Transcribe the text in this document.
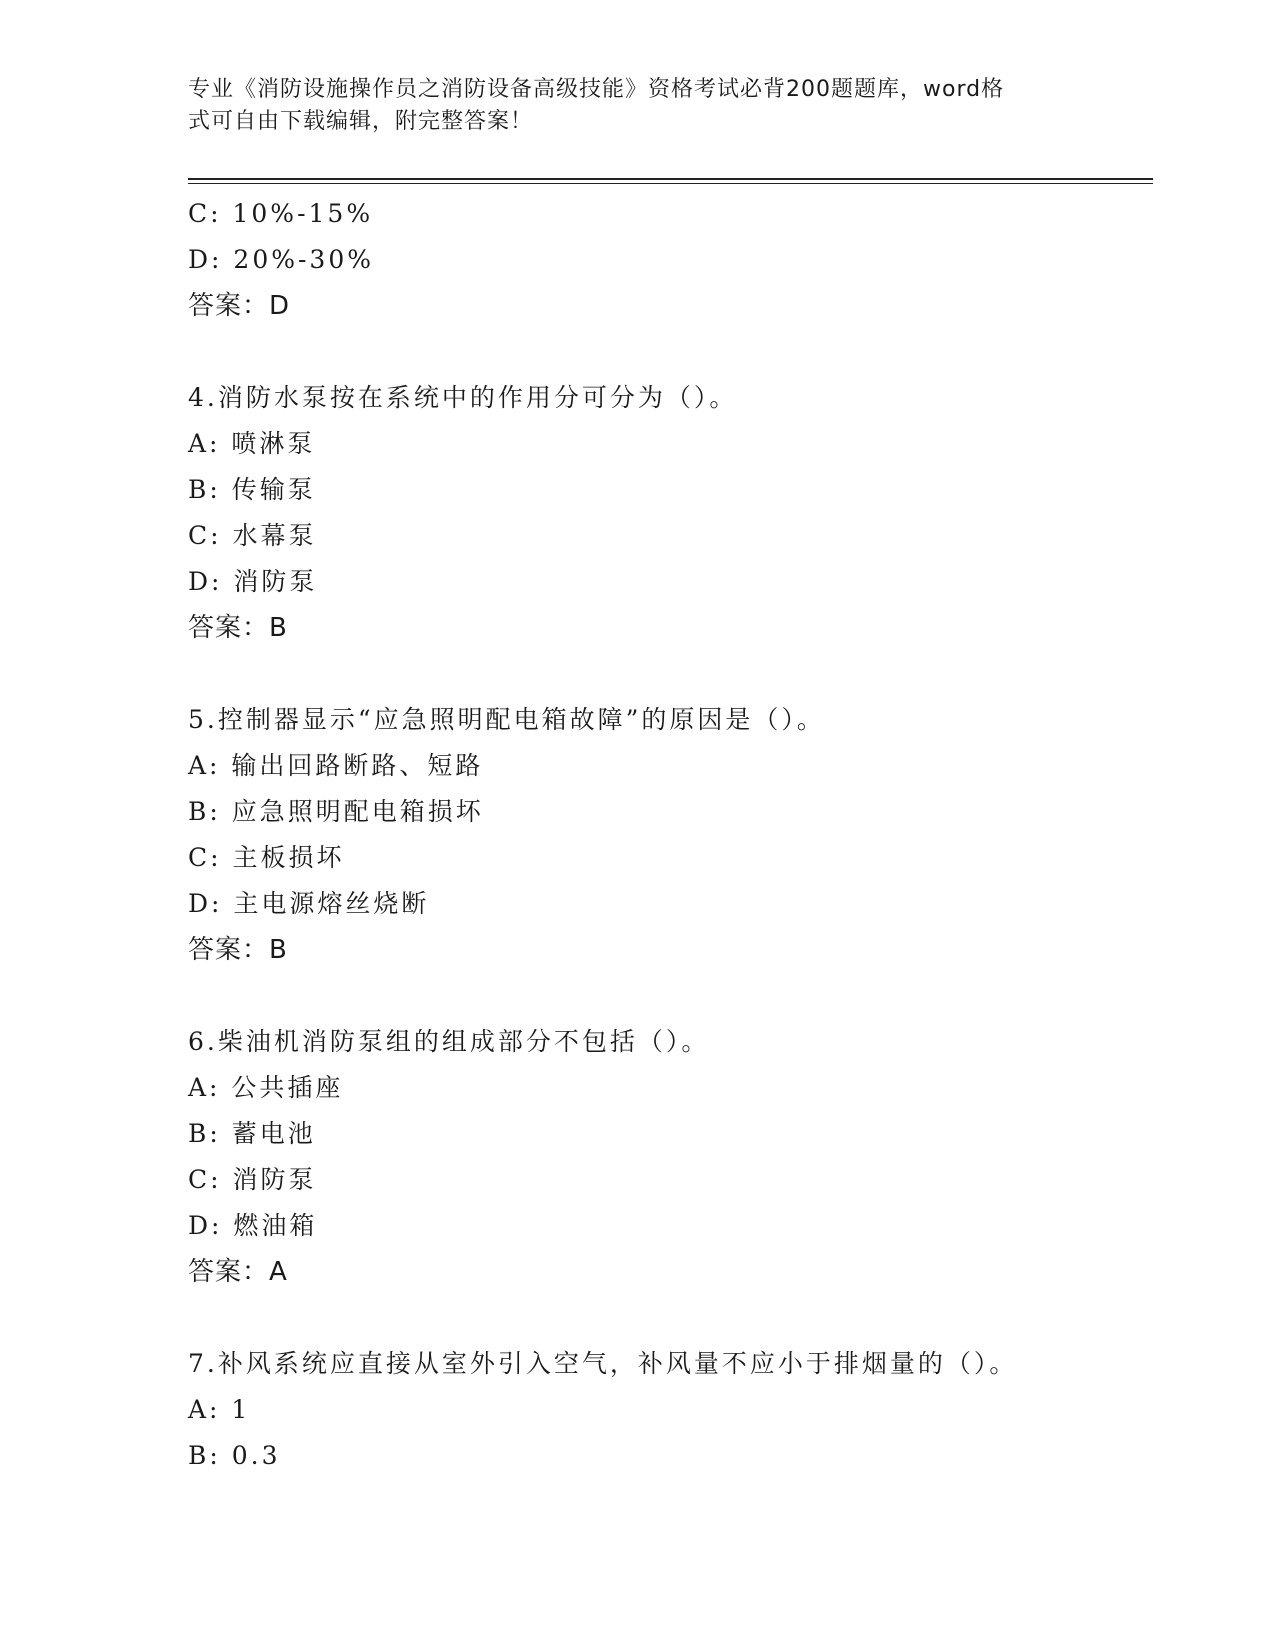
专业《消防设施操作员之消防设备高级技能》资格考试必背200题题库，word格
式可自由下载编辑，附完整答案！
C: 10%-15%
D: 20%-30%
答案：D
4.消防水泵按在系统中的作用分可分为（）。
A: 喷淋泵
B: 传输泵
C: 水幕泵
D: 消防泵
答案：B
5.控制器显示“应急照明配电箱故障”的原因是（）。
A: 输出回路断路、短路
B: 应急照明配电箱损坏
C: 主板损坏
D: 主电源熔丝烧断
答案：B
6.柴油机消防泵组的组成部分不包括（）。
A: 公共插座
B: 蓄电池
C: 消防泵
D: 燃油箱
答案：A
7.补风系统应直接从室外引入空气，补风量不应小于排烟量的（）。
A: 1
B: 0.3
